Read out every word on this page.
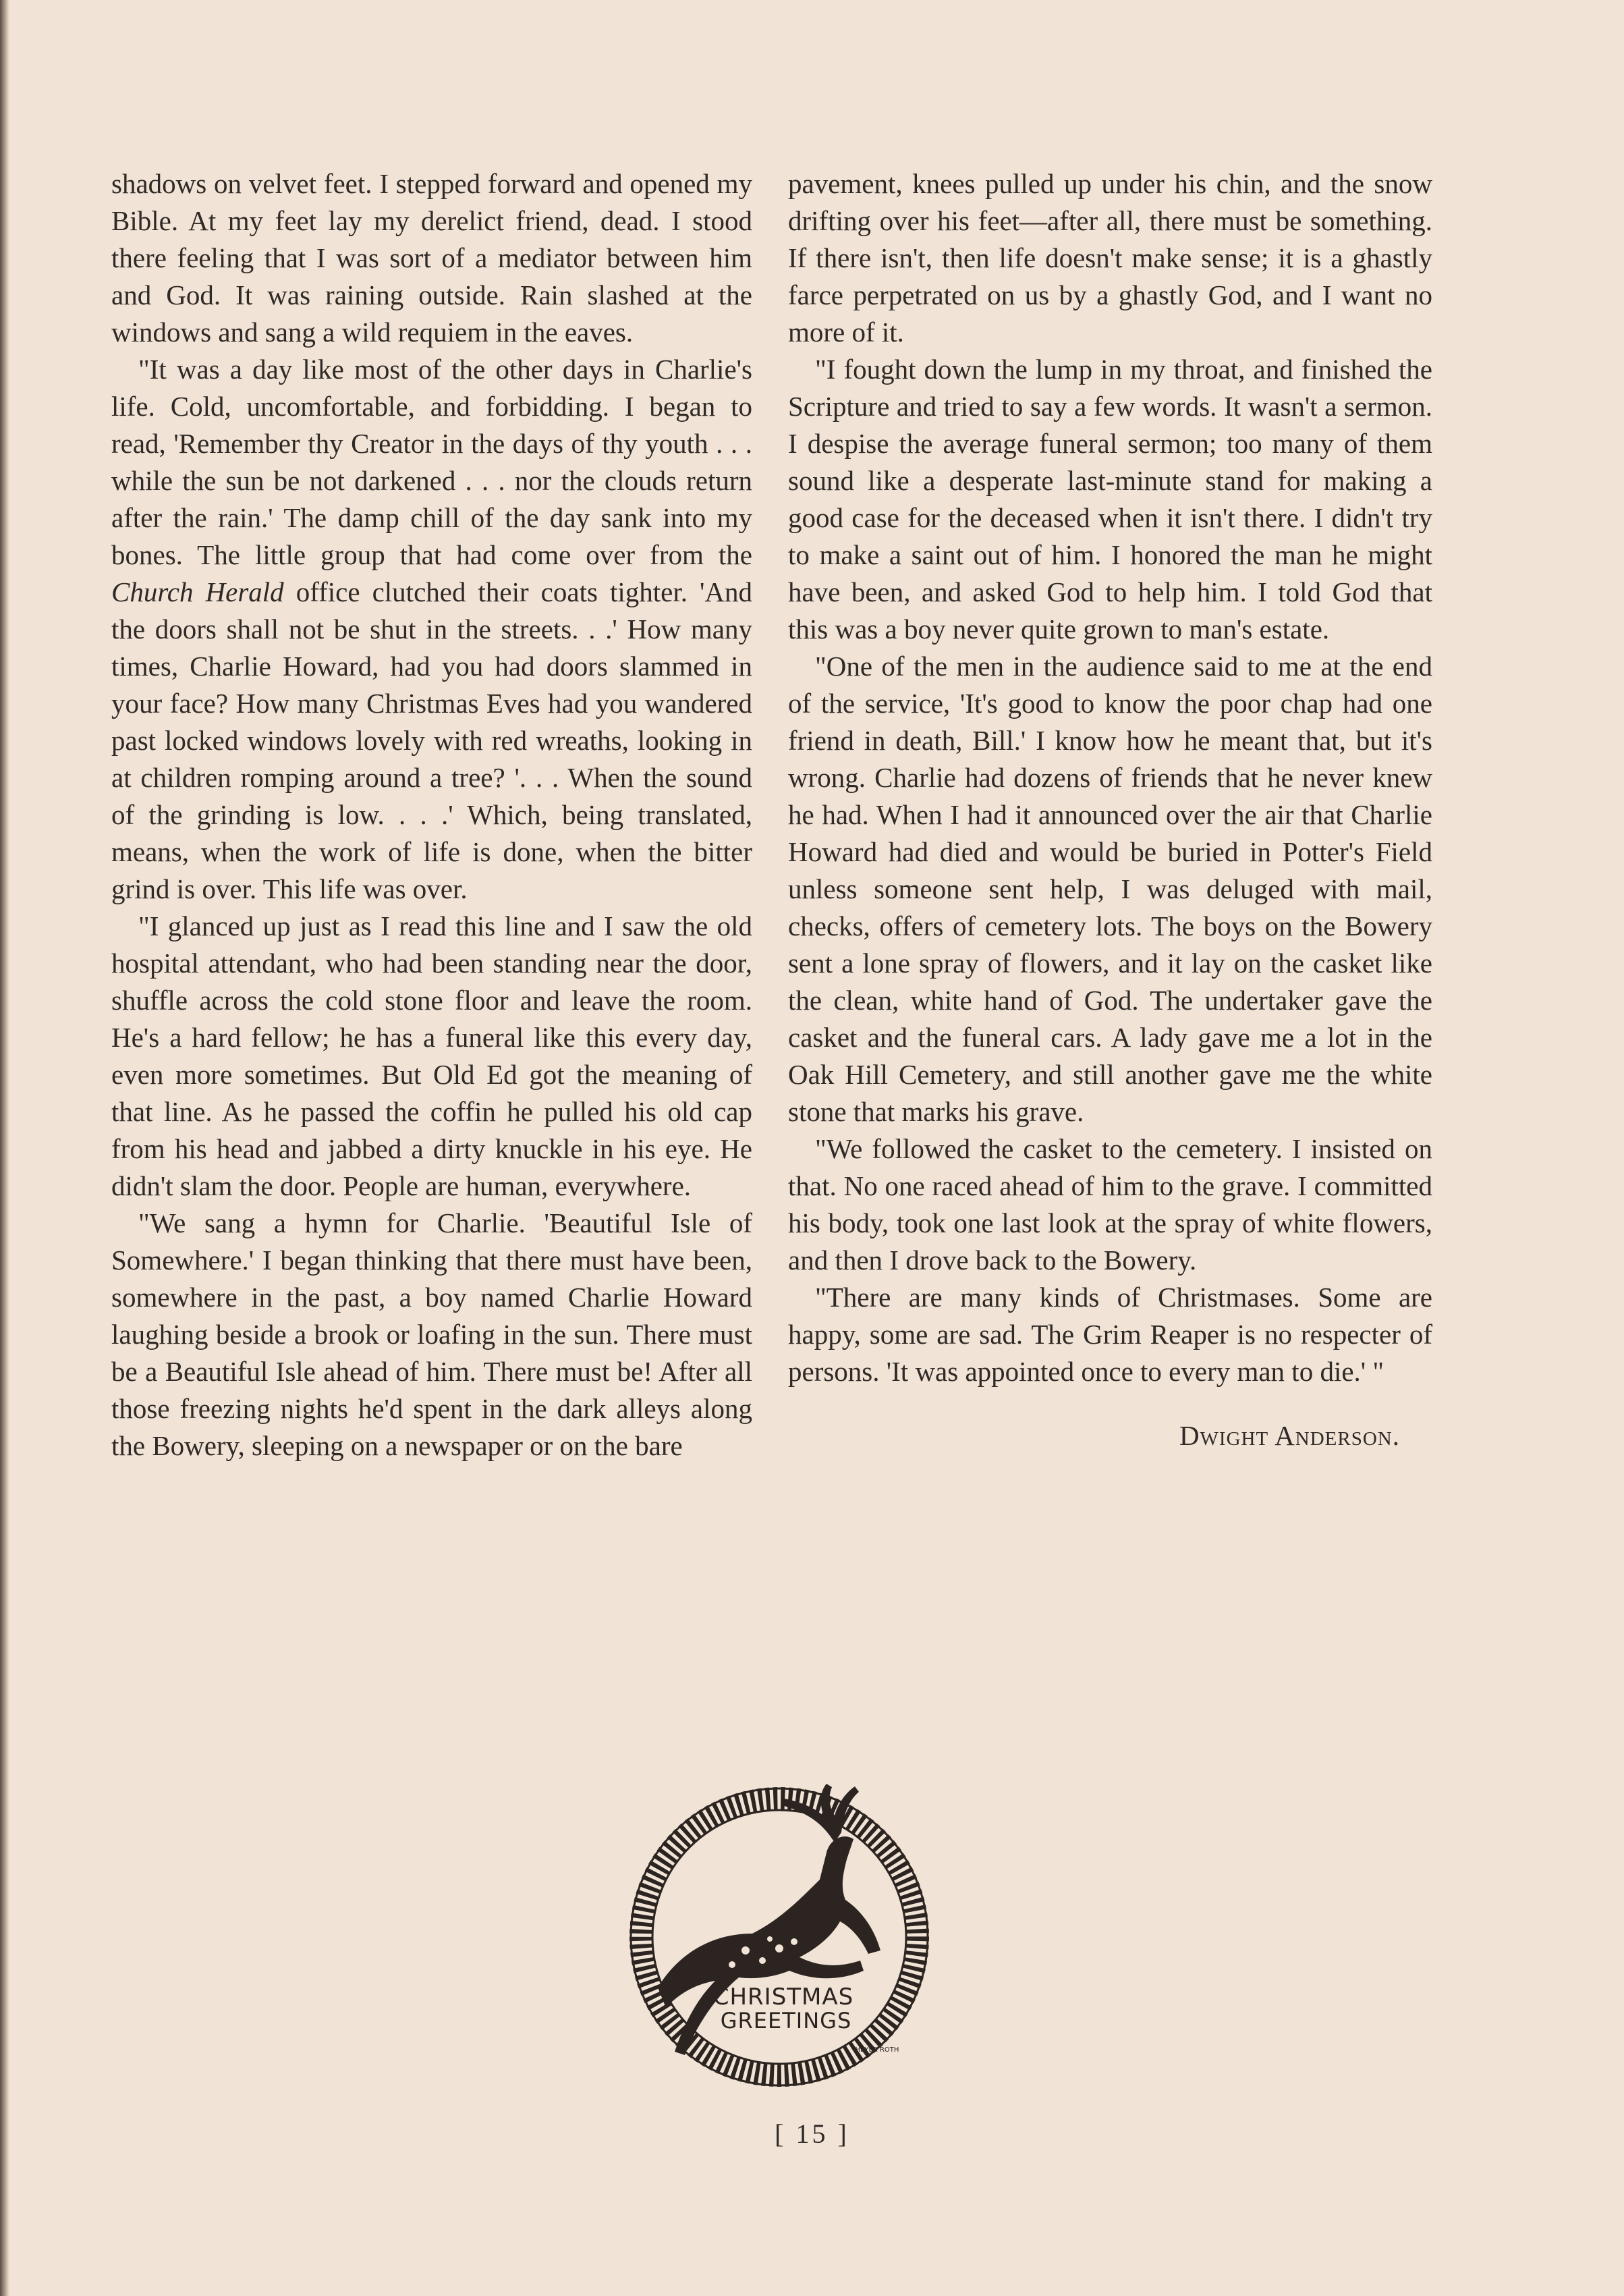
shadows on velvet feet. I stepped forward and opened my Bible. At my feet lay my derelict friend, dead. I stood there feeling that I was sort of a mediator between him and God. It was raining outside. Rain slashed at the windows and sang a wild requiem in the eaves.

"It was a day like most of the other days in Charlie's life. Cold, uncomfortable, and forbidding. I began to read, 'Remember thy Creator in the days of thy youth . . . while the sun be not darkened . . . nor the clouds return after the rain.' The damp chill of the day sank into my bones. The little group that had come over from the Church Herald office clutched their coats tighter. 'And the doors shall not be shut in the streets. . .' How many times, Charlie Howard, had you had doors slammed in your face? How many Christmas Eves had you wandered past locked windows lovely with red wreaths, looking in at children romping around a tree? '. . . When the sound of the grinding is low. . . .' Which, being translated, means, when the work of life is done, when the bitter grind is over. This life was over.

"I glanced up just as I read this line and I saw the old hospital attendant, who had been standing near the door, shuffle across the cold stone floor and leave the room. He's a hard fellow; he has a funeral like this every day, even more sometimes. But Old Ed got the meaning of that line. As he passed the coffin he pulled his old cap from his head and jabbed a dirty knuckle in his eye. He didn't slam the door. People are human, everywhere.

"We sang a hymn for Charlie. 'Beautiful Isle of Somewhere.' I began thinking that there must have been, somewhere in the past, a boy named Charlie Howard laughing beside a brook or loafing in the sun. There must be a Beautiful Isle ahead of him. There must be! After all those freezing nights he'd spent in the dark alleys along the Bowery, sleeping on a newspaper or on the bare

pavement, knees pulled up under his chin, and the snow drifting over his feet—after all, there must be something. If there isn't, then life doesn't make sense; it is a ghastly farce perpetrated on us by a ghastly God, and I want no more of it.

"I fought down the lump in my throat, and finished the Scripture and tried to say a few words. It wasn't a sermon. I despise the average funeral sermon; too many of them sound like a desperate last-minute stand for making a good case for the deceased when it isn't there. I didn't try to make a saint out of him. I honored the man he might have been, and asked God to help him. I told God that this was a boy never quite grown to man's estate.

"One of the men in the audience said to me at the end of the service, 'It's good to know the poor chap had one friend in death, Bill.' I know how he meant that, but it's wrong. Charlie had dozens of friends that he never knew he had. When I had it announced over the air that Charlie Howard had died and would be buried in Potter's Field unless someone sent help, I was deluged with mail, checks, offers of cemetery lots. The boys on the Bowery sent a lone spray of flowers, and it lay on the casket like the clean, white hand of God. The undertaker gave the casket and the funeral cars. A lady gave me a lot in the Oak Hill Cemetery, and still another gave me the white stone that marks his grave.

"We followed the casket to the cemetery. I insisted on that. No one raced ahead of him to the grave. I committed his body, took one last look at the spray of white flowers, and then I drove back to the Bowery.

"There are many kinds of Christmases. Some are happy, some are sad. The Grim Reaper is no respecter of persons. 'It was appointed once to every man to die.' "

Dwight Anderson.

CHRISTMAS
GREETINGS
HEYER ROTH
[ 15 ]
